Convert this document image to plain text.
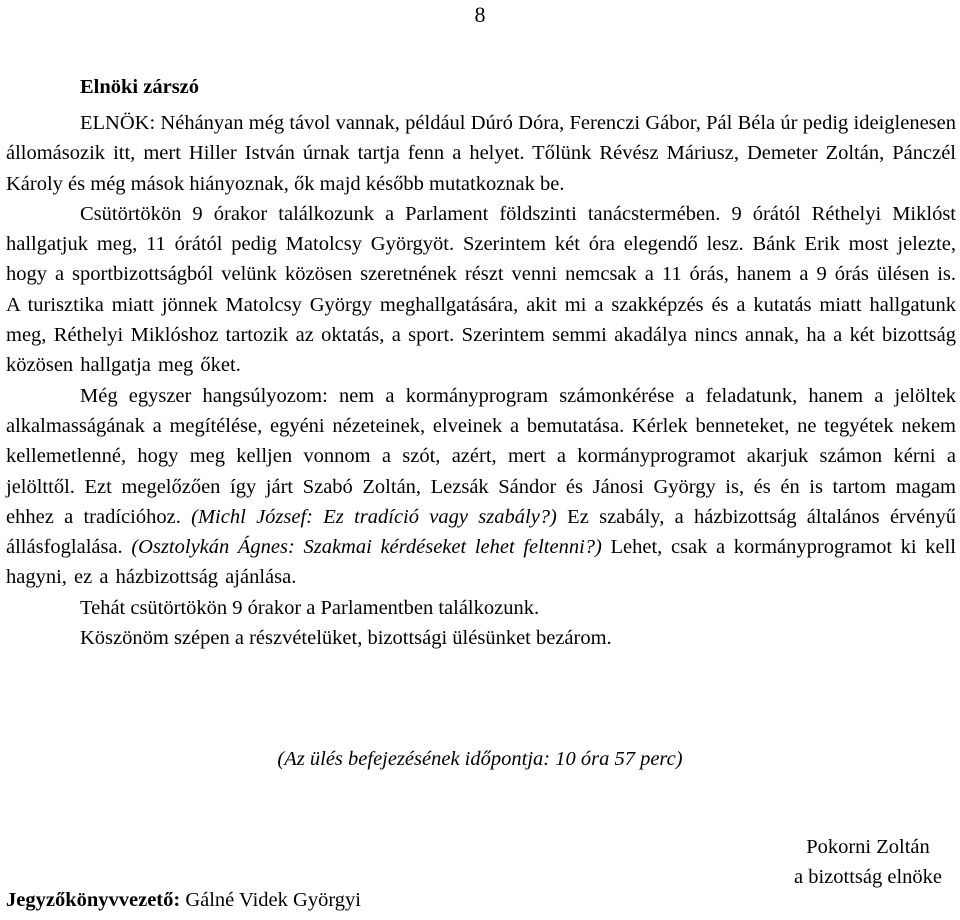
8
Elnöki zárszó

ELNÖK: Néhányan még távol vannak, például Dúró Dóra, Ferenczi Gábor, Pál Béla úr pedig ideiglenesen állomásozik itt, mert Hiller István úrnak tartja fenn a helyet. Tőlünk Révész Máriusz, Demeter Zoltán, Pánczél Károly és még mások hiányoznak, ők majd később mutatkoznak be.

Csütörtökön 9 órakor találkozunk a Parlament földszinti tanácstermében. 9 órától Réthelyi Miklóst hallgatjuk meg, 11 órától pedig Matolcsy Györgyöt. Szerintem két óra elegendő lesz. Bánk Erik most jelezte, hogy a sportbizottságból velünk közösen szeretnének részt venni nemcsak a 11 órás, hanem a 9 órás ülésen is. A turisztika miatt jönnek Matolcsy György meghallgatására, akit mi a szakképzés és a kutatás miatt hallgatunk meg, Réthelyi Miklóshoz tartozik az oktatás, a sport. Szerintem semmi akadálya nincs annak, ha a két bizottság közösen hallgatja meg őket.

Még egyszer hangsúlyozom: nem a kormányprogram számonkérése a feladatunk, hanem a jelöltek alkalmasságának a megítélése, egyéni nézeteinek, elveinek a bemutatása. Kérlek benneteket, ne tegyétek nekem kellemetlenné, hogy meg kelljen vonnom a szót, azért, mert a kormányprogramot akarjuk számon kérni a jelölttől. Ezt megelőzően így járt Szabó Zoltán, Lezsák Sándor és Jánosi György is, és én is tartom magam ehhez a tradícióhoz. (Michl József: Ez tradíció vagy szabály?) Ez szabály, a házbizottság általános érvényű állásfoglalása. (Osztolykán Ágnes: Szakmai kérdéseket lehet feltenni?) Lehet, csak a kormányprogramot ki kell hagyni, ez a házbizottság ajánlása.

Tehát csütörtökön 9 órakor a Parlamentben találkozunk.

Köszönöm szépen a részvételüket, bizottsági ülésünket bezárom.

(Az ülés befejezésének időpontja: 10 óra 57 perc)
Pokorni Zoltán
a bizottság elnöke
Jegyzőkönyvvezető: Gálné Videk Györgyi
